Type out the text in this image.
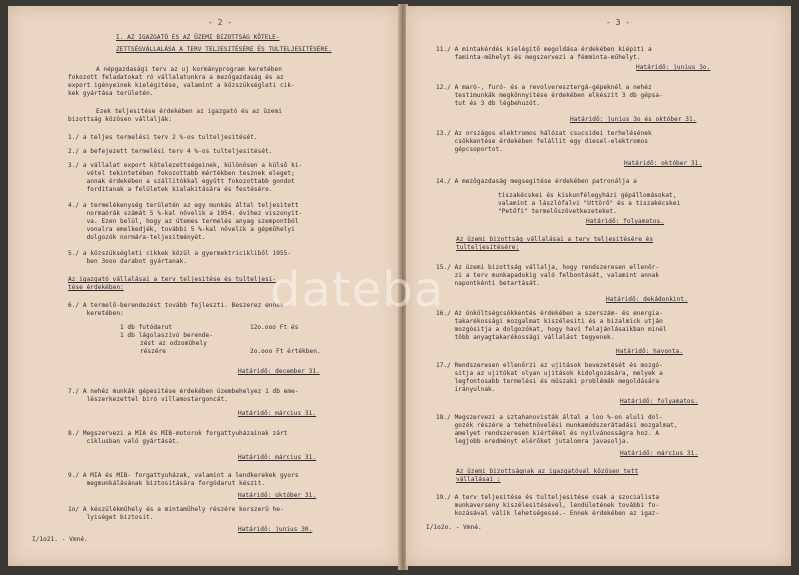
- 2 -
I. AZ IGAZGATÓ ÉS AZ ÜZEMI BIZOTTSÁG KÖTELE-
ZETTSÉGVÁLLALÁSA A TERV TELJESITÉSÉRE ÉS TULTELJESITÉSÉRE.
A népgazdasági terv az uj kormányprogram keretében
fokozott feladatokat ró vállalatunkra a mezőgazdaság és az
export igényeinek kielégitése, valamint a közszükségleti cik-
kek gyártása területén.
Ezek teljesitése érdekében az igazgató és az üzemi
bizottság közösen vállalják:
1./ a teljes termelési terv 2 %-os tulteljesitését.
2./ a befejezett termelési terv 4 %-os tulteljesitését.
3./ a vállalat export kötelezettségeinek, különösen a külső ki-
vétel tekintetében fokozottabb mértékben tesznek eleget;
annak érdekében a szállitókkal együtt fokozottabb gondot
forditanak a felületek kialakitására és festésére.
4./ a termelékenység területén az egy munkás által teljesitett
normaórák számát 5 %-kal növelik a 1954. évihez viszonyit-
va. Ezen belül, hogy az ütemes termelés anyag szempontból
vonalra emelkedjék, további 5 %-kal növelik a gépműhelyi
dolgozók normára-teljesitményét.
5./ a közszükségleti cikkek közül a gyermektricikliből 1955-
ben 3ooo darabot gyártanak.
Az igazgató vállalásai a terv teljesitése és tulteljesi-
tése érdekében:
6./ A termelő-berendezést tovább fejleszti. Beszerez ennek
keretében:
1 db futódarut	12o.ooo Ft és
1 db lágolaszivó berende-
zést az odzoműhely
részére	2o.ooo Ft értékben.
Határidő: december 31.
7./ A nehéz munkák gépesitése érdekében üzembehelyez 1 db eme-
lészerkezettel biró villamostargoncát.
Határidő: március 31.
8./ Megszervezi a MIA és MIB-motorok forgattyuházainak zárt
ciklusban való gyártását.
Határidő: március 31.
9./ A MIA és MIB- forgattyuházak, valamint a lendkerekek gyors
megmunkálásának biztositására forgódarut készit.
Határidő: október 31.
1o/ A készülékműhely és a mintaműhely részére korszerü he-
lyiséget biztosit.
Határidő: junius 30.
I/1o21. - Vmné.
- 3 -
11./ A mintakérdés kielégitő megoldása érdekében kiépiti a
faminta-műhelyt és megszervezi a fémminta-műhelyt.
Határidő: junius 3o.
12./ A maró-, furó- és a revolveresztergá-gépeknél a nehéz
testimunkák megkönnyitése érdekében elkészit 3 db gépsa-
tut és 3 db légbehuzót.
Határidő: junius 3o és október 31.
13./ Az országos elektromos hálózat csucsidei terhelésének
csökkentése érdekében felállit egy diesel-elektromos
gépcsoportot.
Határidő: október 31.
14./ A mezőgazdaság megsegitése érdekében patronálja a
tiszakécskei és kiskunfélegyházi gépállomásokat,
valamint a lászlófalvi "Uttörő" és a tiszakécskei
"Petőfi" termelőszövetkezeteket.
Határidő: folyamatos.
Az üzemi bizottság vállalásai a terv teljesitésére és
tulteljesitésére:
15./ Az üzemi bizottság vállalja, hogy rendszeresen ellenőr-
zi a terv munkapadokig való felbontását, valamint annak
napontkénti betartását.
Határidő: dekádonkint.
16./ Az önköltségcsökkentés érdekében a szerszám- és energia-
takarékossági mozgalmat kiszélesiti és a bizalmick utján
mozgósitja a dolgozókat, hogy havi felajánlásaikban minél
több anyagtakarékossági vállalást tegyenek.
Határidő: havonta.
17./ Rendszeresen ellenőrzi az ujitások bevezetését és mozgó-
sitja az ujitókat olyan ujitások kidolgozására, melyek a
legfontosabb termelési és müszaki problémák megoldására
irányulnak.
Határidő: folyamatos.
18./ Megszervezi a sztahanovisták által a loo %-on aluli dol-
gozók részére a tehetnövelési munkamódszerátadási mozgalmat,
amelyet rendszeresen kiértékel és nyilvánosságra hoz. A
legjobb eredményt elérőket jutalomra javasolja.
Határidő: március 31.
Az üzemi bizottságnak az igazgatóval közösen tett
vállalásai :
19./ A terv teljesitése és tulteljesitése csak a szocialista
munkaverseny kiszélesitésével, lendületének további fo-
kozásával válik lehetségessé.- Ennek érdekében az igaz-
I/1o2o. - Vmné.
dateba
